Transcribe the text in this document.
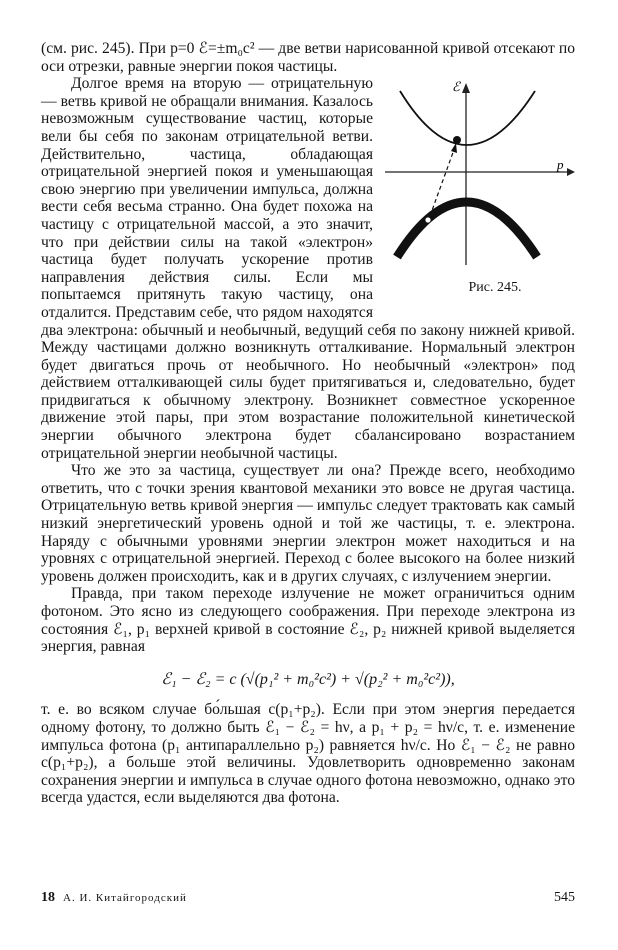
(см. рис. 245). При p=0 ℰ=±m₀c² — две ветви нарисованной кривой отсекают по оси отрезки, равные энергии покоя частицы.

ℰ
p
Рис. 245.
Долгое время на вторую — отрицательную — ветвь кривой не обращали внимания. Казалось невозможным существование частиц, которые вели бы себя по законам отрицательной ветви. Действительно, частица, обладающая отрицательной энергией покоя и уменьшающая свою энергию при увеличении импульса, должна вести себя весьма странно. Она будет похожа на частицу с отрицательной массой, а это значит, что при действии силы на такой «электрон» частица будет получать ускорение против направления действия силы. Если мы попытаемся притянуть такую частицу, она отдалится. Представим себе, что рядом находятся два электрона: обычный и необычный, ведущий себя по закону нижней кривой. Между частицами должно возникнуть отталкивание. Нормальный электрон будет двигаться прочь от необычного. Но необычный «электрон» под действием отталкивающей силы будет притягиваться и, следовательно, будет придвигаться к обычному электрону. Возникнет совместное ускоренное движение этой пары, при этом возрастание положительной кинетической энергии обычного электрона будет сбалансировано возрастанием отрицательной энергии необычной частицы.

Что же это за частица, существует ли она? Прежде всего, необходимо ответить, что с точки зрения квантовой механики это вовсе не другая частица. Отрицательную ветвь кривой энергия — импульс следует трактовать как самый низкий энергетический уровень одной и той же частицы, т. е. электрона. Наряду с обычными уровнями энергии электрон может находиться и на уровнях с отрицательной энергией. Переход с более высокого на более низкий уровень должен происходить, как и в других случаях, с излучением энергии.

Правда, при таком переходе излучение не может ограничиться одним фотоном. Это ясно из следующего соображения. При переходе электрона из состояния ℰ₁, p₁ верхней кривой в состояние ℰ₂, p₂ нижней кривой выделяется энергия, равная

ℰ₁ − ℰ₂ = c (√(p₁² + m₀²c²) + √(p₂² + m₀²c²)),

т. е. во всяком случае бо́льшая c(p₁+p₂). Если при этом энергия передается одному фотону, то должно быть ℰ₁ − ℰ₂ = hν, а p₁ + p₂ = hν/c, т. е. изменение импульса фотона (p₁ антипараллельно p₂) равняется hν/c. Но ℰ₁ − ℰ₂ не равно c(p₁+p₂), а больше этой величины. Удовлетворить одновременно законам сохранения энергии и импульса в случае одного фотона невозможно, однако это всегда удастся, если выделяются два фотона.

18 А. И. Китайгородский	545
